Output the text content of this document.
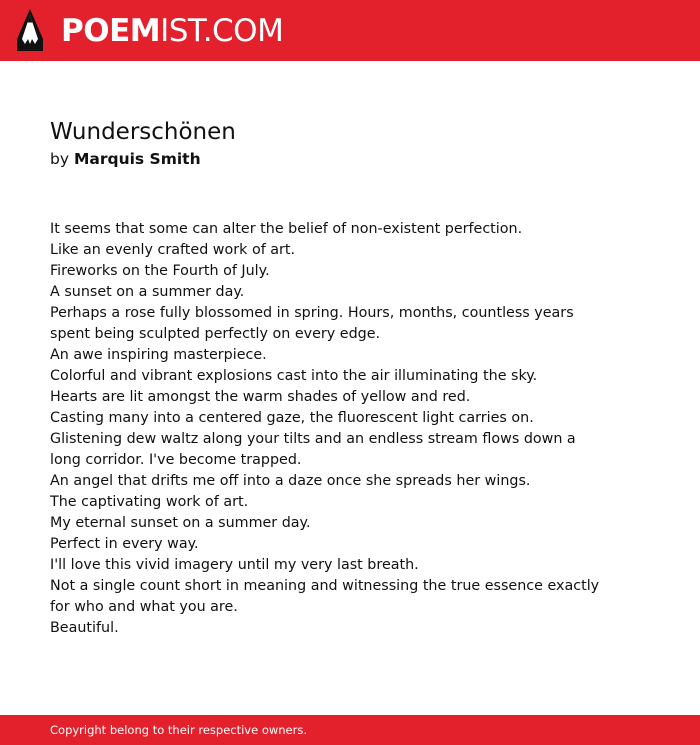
POEMIST.COM
Wunderschönen
by Marquis Smith
It seems that some can alter the belief of non-existent perfection.
Like an evenly crafted work of art.
Fireworks on the Fourth of July.
A sunset on a summer day.
Perhaps a rose fully blossomed in spring. Hours, months, countless years
spent being sculpted perfectly on every edge.
An awe inspiring masterpiece.
Colorful and vibrant explosions cast into the air illuminating the sky.
Hearts are lit amongst the warm shades of yellow and red.
Casting many into a centered gaze, the fluorescent light carries on.
Glistening dew waltz along your tilts and an endless stream flows down a
long corridor. I've become trapped.
An angel that drifts me off into a daze once she spreads her wings.
The captivating work of art.
My eternal sunset on a summer day.
Perfect in every way.
I'll love this vivid imagery until my very last breath.
Not a single count short in meaning and witnessing the true essence exactly
for who and what you are.
Beautiful.
Copyright belong to their respective owners.
